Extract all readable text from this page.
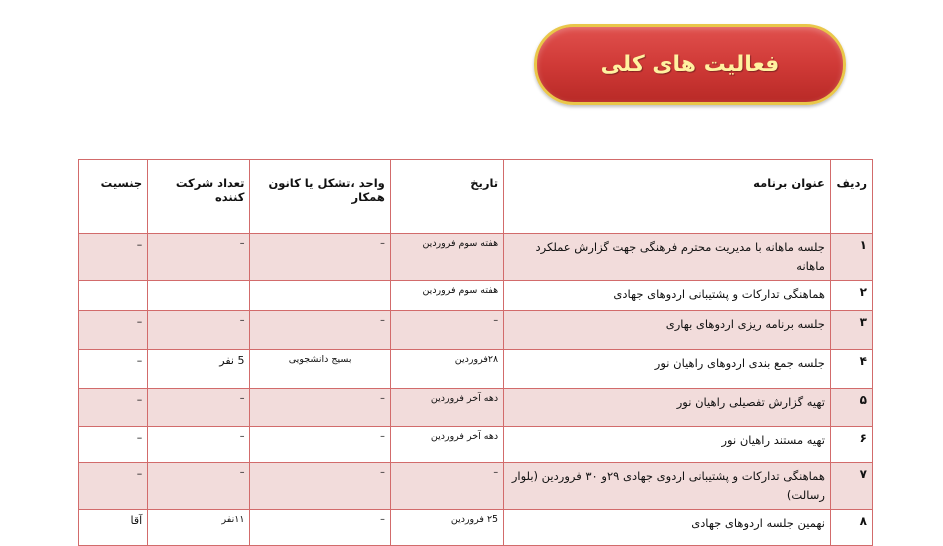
فعالیت های کلی
ردیف	عنوان برنامه	تاریخ	واحد ،تشکل یا کانون همکار	تعداد شرکت کننده	جنسیت
۱	جلسه ماهانه با مدیریت محترم فرهنگی جهت گزارش عملکرد ماهانه	هفته سوم فروردین	–	–	–
۲	هماهنگی تدارکات و پشتیبانی اردوهای جهادی	هفته سوم فروردین			
۳	جلسه برنامه ریزی اردوهای بهاری	–	–	–	–
۴	جلسه جمع بندی اردوهای راهیان نور	۲۸فروردین	بسیج دانشجویی	5 نفر	–
۵	تهیه گزارش تفصیلی راهیان نور	دهه آخر فروردین	–	–	–
۶	تهیه مستند راهیان نور	دهه آخر فروردین	–	–	–
۷	هماهنگی تدارکات و پشتیبانی اردوی جهادی ۲۹و ۳۰ فروردین (بلوار رسالت)	–	–	–	–
۸	نهمین جلسه اردوهای جهادی	۲5 فروردین	–	۱۱نفر	آقا
